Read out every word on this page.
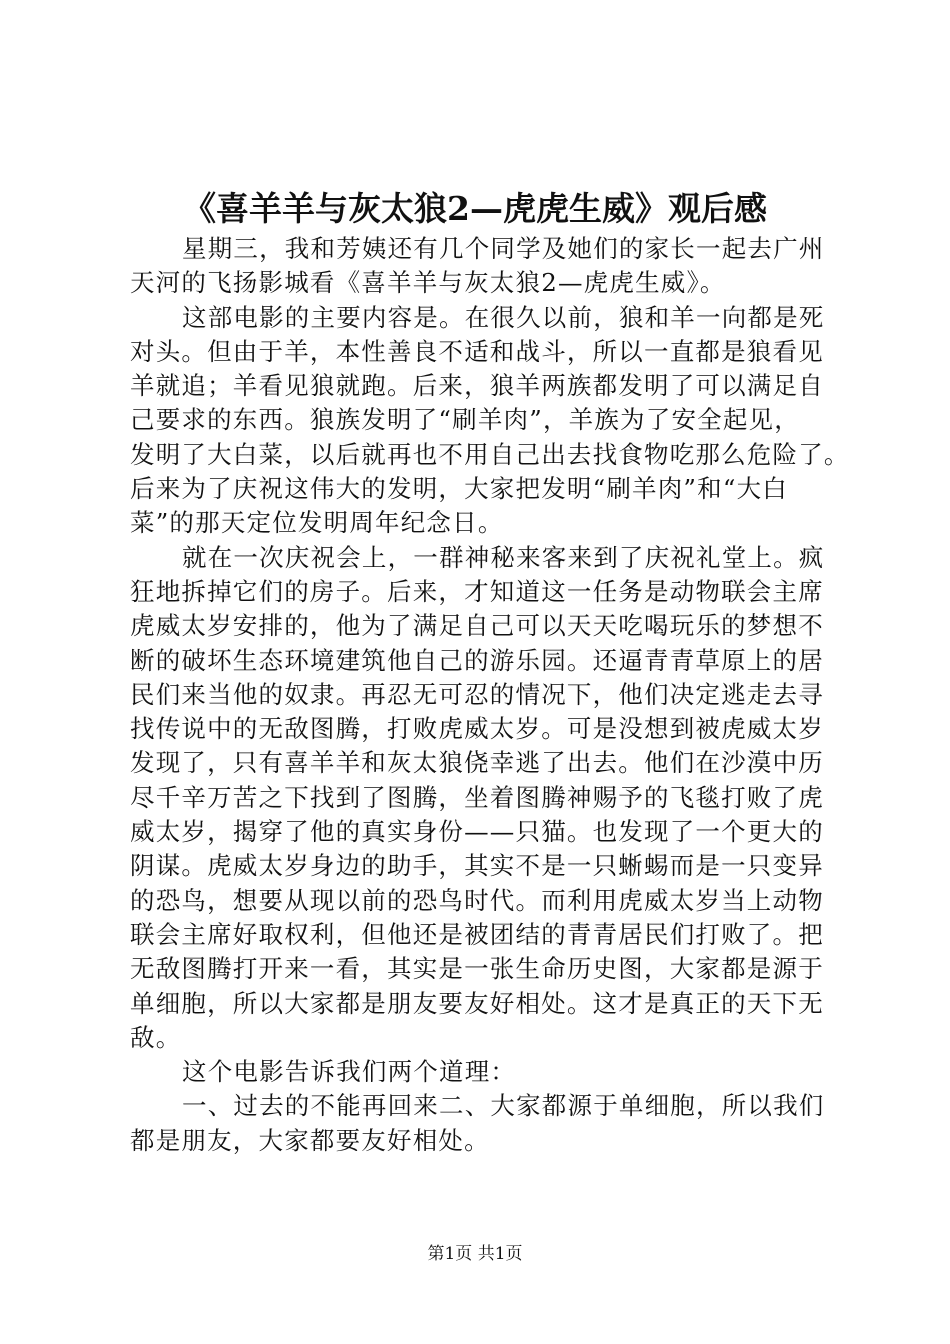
《喜羊羊与灰太狼2—虎虎生威》观后感
星期三，我和芳姨还有几个同学及她们的家长一起去广州
天河的飞扬影城看《喜羊羊与灰太狼2—虎虎生威》。
这部电影的主要内容是。在很久以前，狼和羊一向都是死
对头。但由于羊，本性善良不适和战斗，所以一直都是狼看见
羊就追；羊看见狼就跑。后来，狼羊两族都发明了可以满足自
己要求的东西。狼族发明了“刷羊肉”，羊族为了安全起见，
发明了大白菜，以后就再也不用自己出去找食物吃那么危险了。
后来为了庆祝这伟大的发明，大家把发明“刷羊肉”和“大白
菜”的那天定位发明周年纪念日。
就在一次庆祝会上，一群神秘来客来到了庆祝礼堂上。疯
狂地拆掉它们的房子。后来，才知道这一任务是动物联会主席
虎威太岁安排的，他为了满足自己可以天天吃喝玩乐的梦想不
断的破坏生态环境建筑他自己的游乐园。还逼青青草原上的居
民们来当他的奴隶。再忍无可忍的情况下，他们决定逃走去寻
找传说中的无敌图腾，打败虎威太岁。可是没想到被虎威太岁
发现了，只有喜羊羊和灰太狼侥幸逃了出去。他们在沙漠中历
尽千辛万苦之下找到了图腾，坐着图腾神赐予的飞毯打败了虎
威太岁，揭穿了他的真实身份——只猫。也发现了一个更大的
阴谋。虎威太岁身边的助手，其实不是一只蜥蜴而是一只变异
的恐鸟，想要从现以前的恐鸟时代。而利用虎威太岁当上动物
联会主席好取权利，但他还是被团结的青青居民们打败了。把
无敌图腾打开来一看，其实是一张生命历史图，大家都是源于
单细胞，所以大家都是朋友要友好相处。这才是真正的天下无
敌。
这个电影告诉我们两个道理：
一、过去的不能再回来二、大家都源于单细胞，所以我们
都是朋友，大家都要友好相处。
第1页 共1页
